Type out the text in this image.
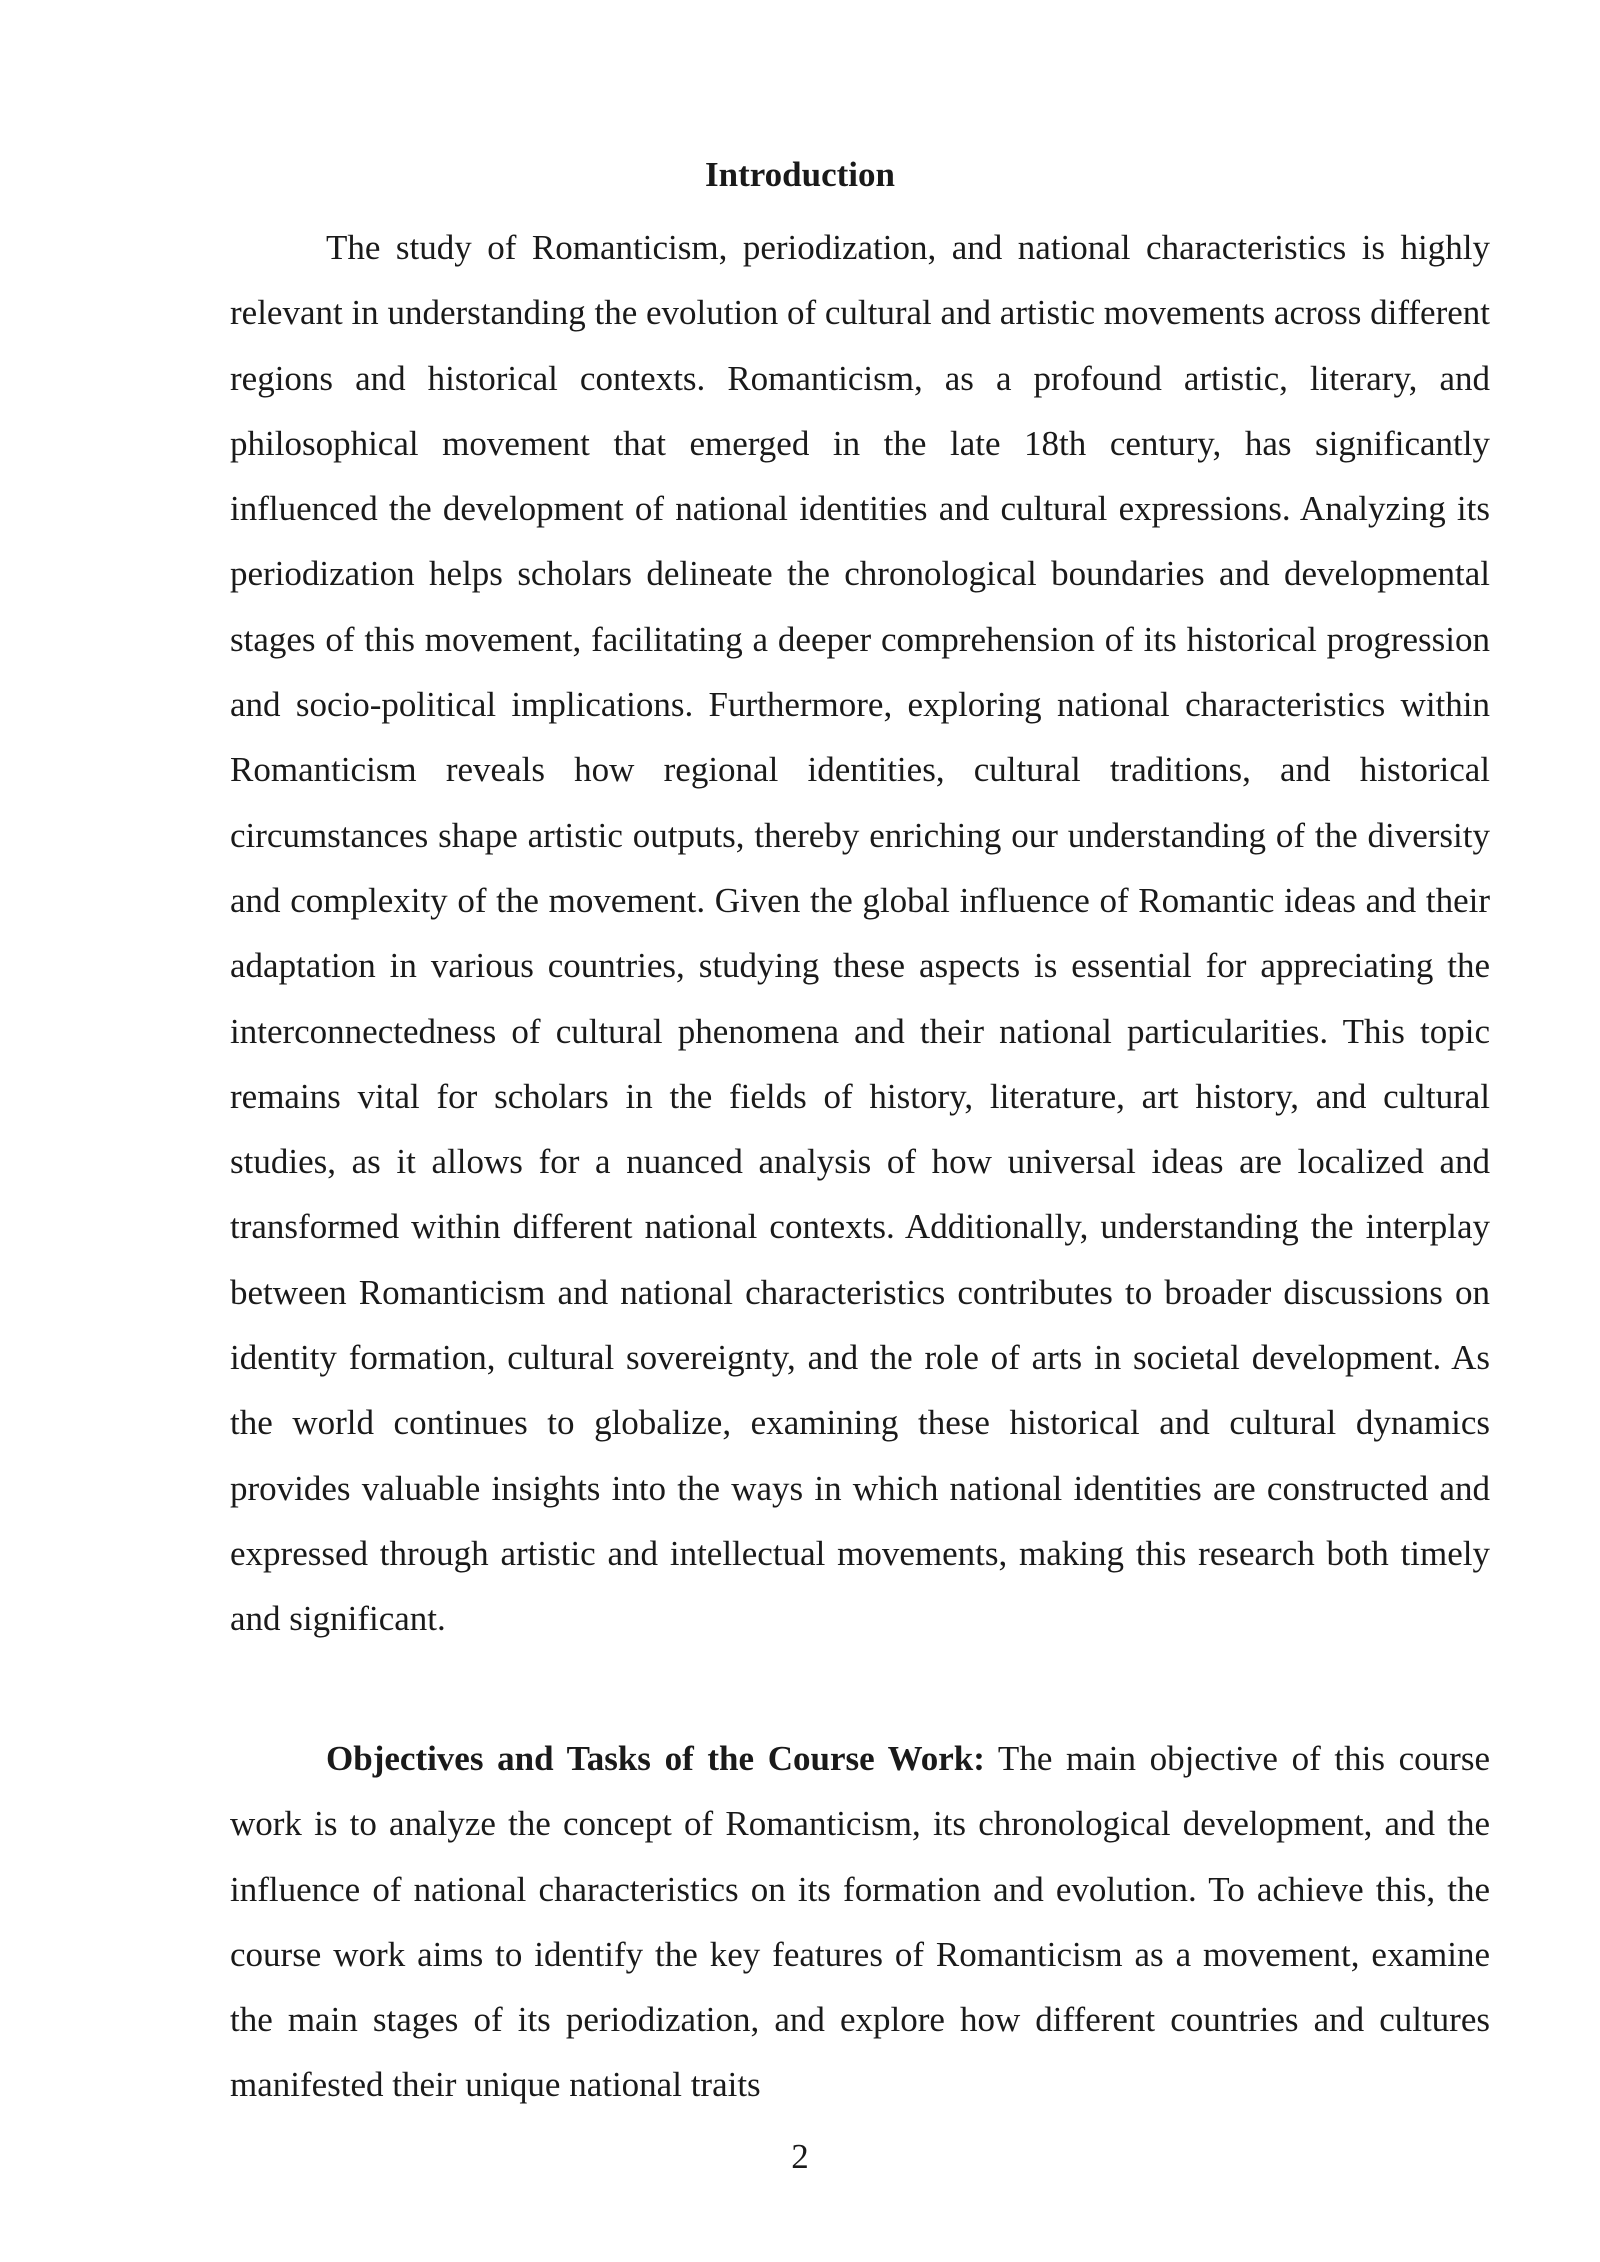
Introduction

The study of Romanticism, periodization, and national characteristics is highly relevant in understanding the evolution of cultural and artistic movements across different regions and historical contexts. Romanticism, as a profound artistic, literary, and philosophical movement that emerged in the late 18th century, has significantly influenced the development of national identities and cultural expressions. Analyzing its periodization helps scholars delineate the chronological boundaries and developmental stages of this movement, facilitating a deeper comprehension of its historical progression and socio-political implications. Furthermore, exploring national characteristics within Romanticism reveals how regional identities, cultural traditions, and historical circumstances shape artistic outputs, thereby enriching our understanding of the diversity and complexity of the movement. Given the global influence of Romantic ideas and their adaptation in various countries, studying these aspects is essential for appreciating the interconnectedness of cultural phenomena and their national particularities. This topic remains vital for scholars in the fields of history, literature, art history, and cultural studies, as it allows for a nuanced analysis of how universal ideas are localized and transformed within different national contexts. Additionally, understanding the interplay between Romanticism and national characteristics contributes to broader discussions on identity formation, cultural sovereignty, and the role of arts in societal development. As the world continues to globalize, examining these historical and cultural dynamics provides valuable insights into the ways in which national identities are constructed and expressed through artistic and intellectual movements, making this research both timely and significant.

Objectives and Tasks of the Course Work: The main objective of this course work is to analyze the concept of Romanticism, its chronological development, and the influence of national characteristics on its formation and evolution. To achieve this, the course work aims to identify the key features of Romanticism as a movement, examine the main stages of its periodization, and explore how different countries and cultures manifested their unique national traits

2
